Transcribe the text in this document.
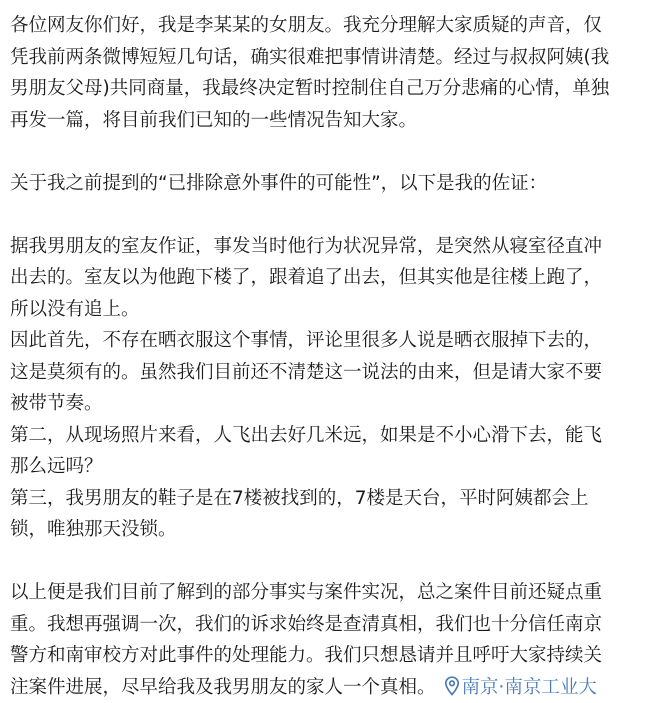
各位网友你们好，我是李某某的女朋友。我充分理解大家质疑的声音，仅
凭我前两条微博短短几句话，确实很难把事情讲清楚。经过与叔叔阿姨(我
男朋友父母)共同商量，我最终决定暂时控制住自己万分悲痛的心情，单独
再发一篇，将目前我们已知的一些情况告知大家。
关于我之前提到的“已排除意外事件的可能性”，以下是我的佐证：
据我男朋友的室友作证，事发当时他行为状况异常，是突然从寝室径直冲
出去的。室友以为他跑下楼了，跟着追了出去，但其实他是往楼上跑了，
所以没有追上。
因此首先，不存在晒衣服这个事情，评论里很多人说是晒衣服掉下去的，
这是莫须有的。虽然我们目前还不清楚这一说法的由来，但是请大家不要
被带节奏。
第二，从现场照片来看，人飞出去好几米远，如果是不小心滑下去，能飞
那么远吗？
第三，我男朋友的鞋子是在7楼被找到的，7楼是天台，平时阿姨都会上
锁，唯独那天没锁。
以上便是我们目前了解到的部分事实与案件实况，总之案件目前还疑点重
重。我想再强调一次，我们的诉求始终是查清真相，我们也十分信任南京
警方和南审校方对此事件的处理能力。我们只想恳请并且呼吁大家持续关
注案件进展，尽早给我及我男朋友的家人一个真相。 南京·南京工业大
